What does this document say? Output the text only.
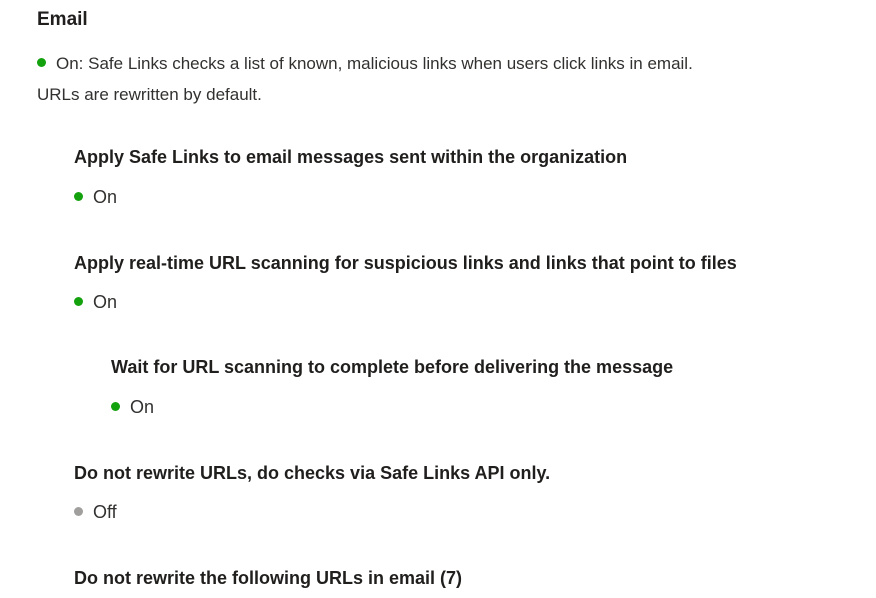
Email
On: Safe Links checks a list of known, malicious links when users click links in email.
URLs are rewritten by default.
Apply Safe Links to email messages sent within the organization
On
Apply real-time URL scanning for suspicious links and links that point to files
On
Wait for URL scanning to complete before delivering the message
On
Do not rewrite URLs, do checks via Safe Links API only.
Off
Do not rewrite the following URLs in email (7)
